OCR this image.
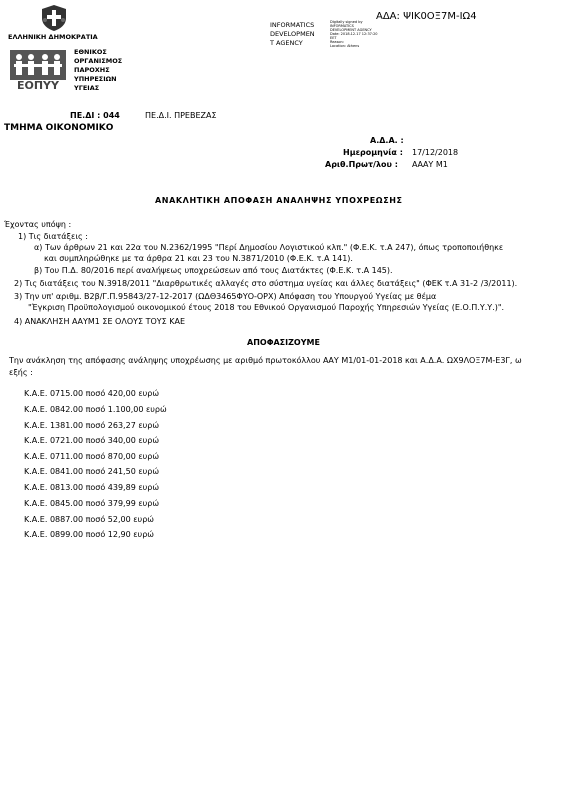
ΑΔΑ: ΨΙΚ0ΟΞ7Μ-ΙΩ4
ΕΛΛΗΝΙΚΗ ΔΗΜΟΚΡΑΤΙΑ
ΕΟΠΥΥ
ΕΘΝΙΚΟΣ
ΟΡΓΑΝΙΣΜΟΣ
ΠΑΡΟΧΗΣ
ΥΠΗΡΕΣΙΩΝ
ΥΓΕΙΑΣ
INFORMATICS
DEVELOPMEN
T AGENCY
Digitally signed by
INFORMATICS
DEVELOPMENT AGENCY
Date: 2018.12.17 12:37:20
EET
Reason:
Location: Athens
ΠΕ.ΔΙ : 044	ΠΕ.Δ.Ι. ΠΡΕΒΕΖΑΣ
ΤΜΗΜΑ ΟΙΚΟΝΟΜΙΚΟ
Α.Δ.Α. :
Ημερομηνία : 17/12/2018
Αριθ.Πρωτ/λου : ΑΑΑΥ Μ1
ΑΝΑΚΛΗΤΙΚΗ ΑΠΟΦΑΣΗ ΑΝΑΛΗΨΗΣ ΥΠΟΧΡΕΩΣΗΣ
Έχοντας υπόψη :
1) Τις διατάξεις :
α) Των άρθρων 21 και 22α του Ν.2362/1995 "Περί Δημοσίου Λογιστικού κλπ." (Φ.Ε.Κ. τ.Α 247), όπως τροποποιήθηκε
και συμπληρώθηκε με τα άρθρα 21 και 23 του Ν.3871/2010 (Φ.Ε.Κ. τ.Α 141).
β) Του Π.Δ. 80/2016 περί αναλήψεως υποχρεώσεων από τους Διατάκτες (Φ.Ε.Κ. τ.Α 145).
2) Τις διατάξεις του Ν.3918/2011 "Διαρθρωτικές αλλαγές στο σύστημα υγείας και άλλες διατάξεις" (ΦΕΚ τ.Α 31-2 /3/2011).
3) Την υπ' αριθμ. Β2β/Γ.Π.95843/27-12-2017 (ΩΔΘ3465ΦΥΟ-ΟΡΧ) Απόφαση του Υπουργού Υγείας με θέμα
"Έγκριση Προϋπολογισμού οικονομικού έτους 2018 του Εθνικού Οργανισμού Παροχής Υπηρεσιών Υγείας (Ε.Ο.Π.Υ.Υ.)".
4) ΑΝΑΚΛΗΣΗ ΑΑΥΜ1 ΣΕ ΟΛΟΥΣ ΤΟΥΣ ΚΑΕ
ΑΠΟΦΑΣΙΖΟΥΜΕ
Την ανάκληση της απόφασης ανάληψης υποχρέωσης με αριθμό πρωτοκόλλου ΑΑΥ Μ1/01-01-2018 και Α.Δ.Α. ΩΧ9ΛΟΞ7Μ-Ε3Γ, ω
εξής :
Κ.Α.Ε. 0715.00 ποσό 420,00 ευρώ
Κ.Α.Ε. 0842.00 ποσό 1.100,00 ευρώ
Κ.Α.Ε. 1381.00 ποσό 263,27 ευρώ
Κ.Α.Ε. 0721.00 ποσό 340,00 ευρώ
Κ.Α.Ε. 0711.00 ποσό 870,00 ευρώ
Κ.Α.Ε. 0841.00 ποσό 241,50 ευρώ
Κ.Α.Ε. 0813.00 ποσό 439,89 ευρώ
Κ.Α.Ε. 0845.00 ποσό 379,99 ευρώ
Κ.Α.Ε. 0887.00 ποσό 52,00 ευρώ
Κ.Α.Ε. 0899.00 ποσό 12,90 ευρώ
